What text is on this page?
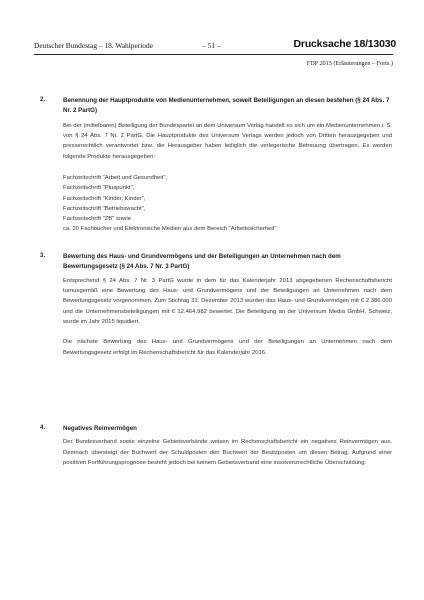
Deutscher Bundestag – 18. Wahlperiode	– 51 –	Drucksache 18/13030
FDP 2015 (Erläuterungen – Forts.)
2.	Benennung der Hauptprodukte von Medienunternehmen, soweit Beteiligungen an diesen bestehen (§ 24 Abs. 7 Nr. 2 PartG)
Bei der (mittelbaren) Beteiligung der Bundespartei an dem Universum Verlag handelt es sich um ein Medienunternehmen i. S. von § 24 Abs. 7 Nr. 2 PartG. Die Hauptprodukte des Universum Verlags werden jedoch von Dritten herausgegeben und presserechtlich verantwortet bzw. die Herausgeber haben lediglich die verlegerische Betreuung übertragen. Es werden folgende Produkte herausgegeben:
Fachzeitschrift "Arbeit und Gesundheit",
Fachzeitschrift "Pluspunkt",
Fachzeitschrift "Kinder, Kinder",
Fachzeitschrift "Betriebswacht",
Fachzeitschrift "ZB" sowie
ca. 20 Fachbücher und Elektronische Medien aus dem Bereich "Arbeitssicherheit".
3.	Bewertung des Haus- und Grundvermögens und der Beteiligungen an Unternehmen nach dem Bewertungsgesetz (§ 24 Abs. 7 Nr. 3 PartG)
Entsprechend § 24 Abs. 7 Nr. 3 PartG wurde in dem für das Kalenderjahr 2013 abgegebenen Rechenschaftsbericht turnusgemäß eine Bewertung des Haus- und Grundvermögens und der Beteiligungen an Unternehmen nach dem Bewertungsgesetz vorgenommen. Zum Stichtag 31. Dezember 2013 wurden das Haus- und Grundvermögen mit € 2.386.000 und die Unternehmensbeteiligungen mit € 12.464.982 bewertet. Die Beteiligung an der Universum Media GmbH, Schweiz, wurde im Jahr 2015 liquidiert.
Die nächste Bewertung des Haus- und Grundvermögens und der Beteiligungen an Unternehmen nach dem Bewertungsgesetz erfolgt im Rechenschaftsbericht für das Kalenderjahr 2016.
4.	Negatives Reinvermögen
Der Bundesverband sowie einzelne Gebietsverbände weisen im Rechenschaftsbericht ein negatives Reinvermögen aus. Demnach übersteigt der Buchwert der Schuldposten den Buchwert der Besitzposten um diesen Betrag. Aufgrund einer positiven Fortführungsprognose besteht jedoch bei keinem Gebietsverband eine insolvenzrechtliche Überschuldung.
